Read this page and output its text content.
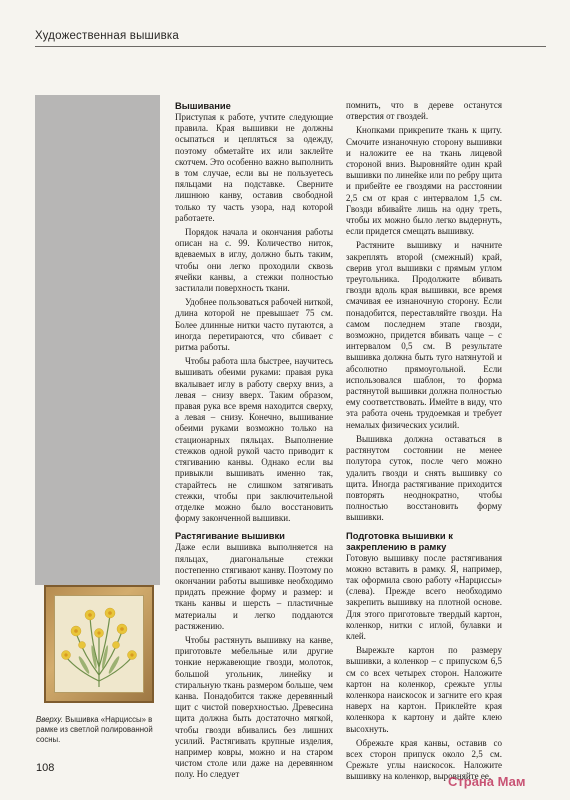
Художественная вышивка
Вверху. Вышивка «Нарциссы» в рамке из светлой полированной сосны.
Вышивание

Приступая к работе, учтите следующие правила. Края вышивки не должны осыпаться и цепляться за одежду, поэтому обметайте их или заклейте скотчем. Это особенно важно выполнить в том случае, если вы не пользуетесь пяльцами на подставке. Сверните лишнюю канву, оставив свободной только ту часть узора, над которой работаете.

Порядок начала и окончания работы описан на с. 99. Количество ниток, вдеваемых в иглу, должно быть таким, чтобы они легко проходили сквозь ячейки канвы, а стежки полностью застилали поверхность ткани.

Удобнее пользоваться рабочей ниткой, длина которой не превышает 75 см. Более длинные нитки часто путаются, а иногда перетираются, что сбивает с ритма работы.

Чтобы работа шла быстрее, научитесь вышивать обеими руками: правая рука вкалывает иглу в работу сверху вниз, а левая – снизу вверх. Таким образом, правая рука все время находится сверху, а левая – снизу. Конечно, вышивание обеими руками возможно только на стационарных пяльцах. Выполнение стежков одной рукой часто приводит к стягиванию канвы. Однако если вы привыкли вышивать именно так, старайтесь не слишком затягивать стежки, чтобы при заключительной отделке можно было восстановить форму законченной вышивки.

Растягивание вышивки

Даже если вышивка выполняется на пяльцах, диагональные стежки постепенно стягивают канву. Поэтому по окончании работы вышивке необходимо придать прежние форму и размер: и ткань канвы и шерсть – пластичные материалы и легко поддаются растяжению.

Чтобы растянуть вышивку на канве, приготовьте мебельные или другие тонкие нержавеющие гвозди, молоток, большой угольник, линейку и стиральную ткань размером больше, чем канва. Понадобится также деревянный щит с чистой поверхностью. Древесина щита должна быть достаточно мягкой, чтобы гвозди вбивались без лишних усилий. Растягивать крупные изделия, например ковры, можно и на старом чистом столе или даже на деревянном полу. Но следует

помнить, что в дереве останутся отверстия от гвоздей.

Кнопками прикрепите ткань к щиту. Смочите изнаночную сторону вышивки и наложите ее на ткань лицевой стороной вниз. Выровняйте один край вышивки по линейке или по ребру щита и прибейте ее гвоздями на расстоянии 2,5 см от края с интервалом 1,5 см. Гвозди вбивайте лишь на одну треть, чтобы их можно было легко выдернуть, если придется смещать вышивку.

Растяните вышивку и начните закреплять второй (смежный) край, сверив угол вышивки с прямым углом треугольника. Продолжите вбивать гвозди вдоль края вышивки, все время смачивая ее изнаночную сторону. Если понадобится, переставляйте гвозди. На самом последнем этапе гвозди, возможно, придется вбивать чаще – с интервалом 0,5 см. В результате вышивка должна быть туго натянутой и абсолютно прямоугольной. Если использовался шаблон, то форма растянутой вышивки должна полностью ему соответствовать. Имейте в виду, что эта работа очень трудоемкая и требует немалых физических усилий.

Вышивка должна оставаться в растянутом состоянии не менее полутора суток, после чего можно удалить гвозди и снять вышивку со щита. Иногда растягивание приходится повторять неоднократно, чтобы полностью восстановить форму вышивки.

Подготовка вышивки к закреплению в рамку

Готовую вышивку после растягивания можно вставить в рамку. Я, например, так оформила свою работу «Нарциссы» (слева). Прежде всего необходимо закрепить вышивку на плотной основе. Для этого приготовьте твердый картон, коленкор, нитки с иглой, булавки и клей.

Вырежьте картон по размеру вышивки, а коленкор – с припуском 6,5 см со всех четырех сторон. Наложите картон на коленкор, срежьте углы коленкора наискосок и загните его края наверх на картон. Приклейте края коленкора к картону и дайте клею высохнуть.

Обрежьте края канвы, оставив со всех сторон припуск около 2,5 см. Срежьте углы наискосок. Наложите вышивку на коленкор, выровняйте ее,

108
Страна Мам
